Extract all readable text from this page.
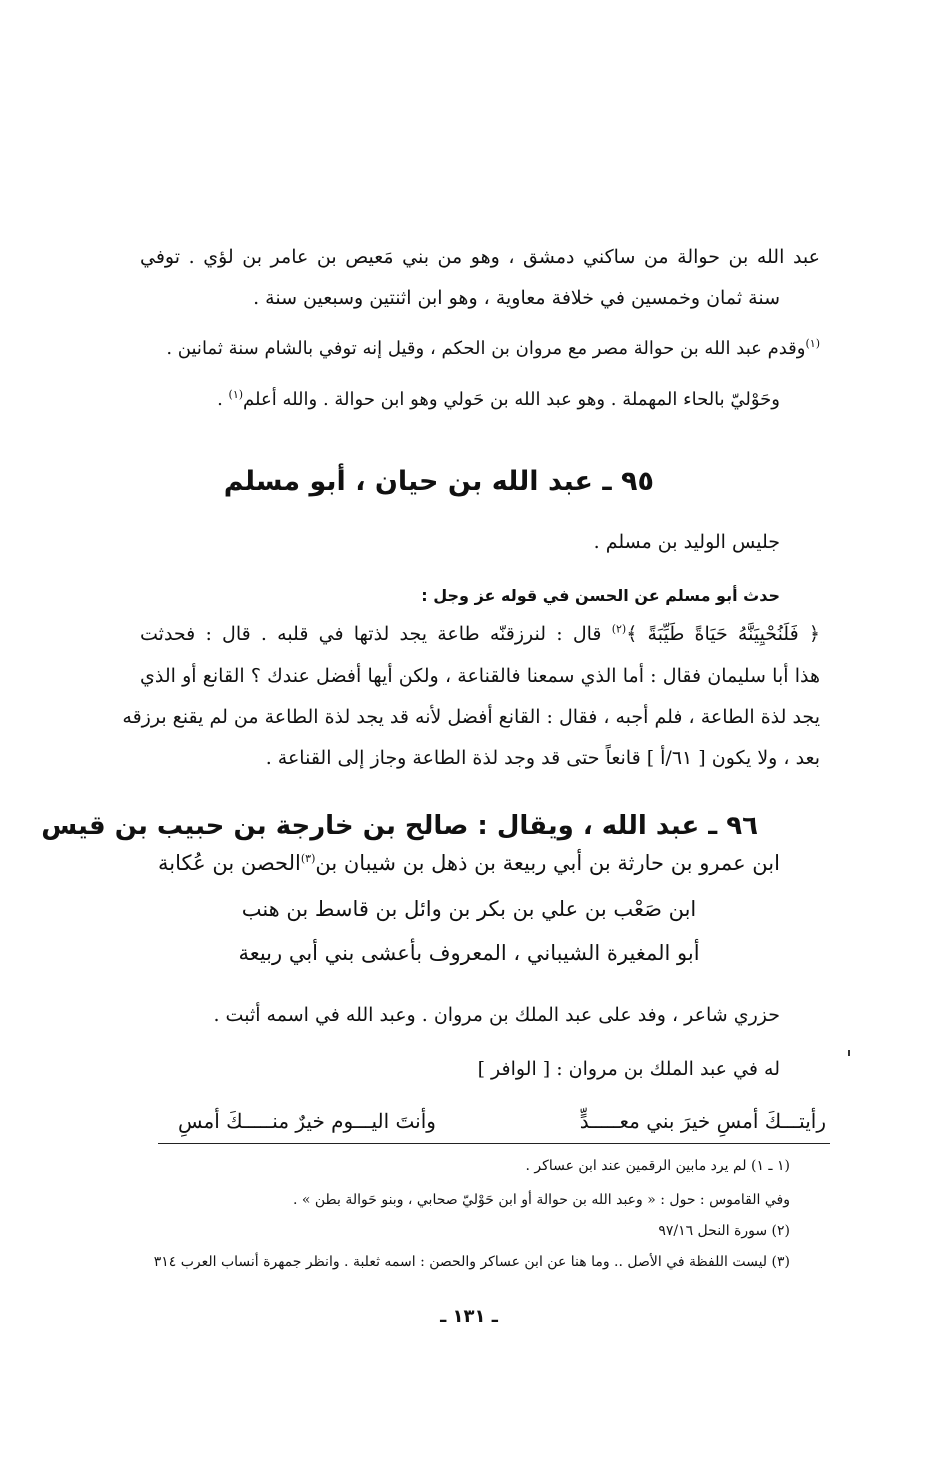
عبد الله بن حوالة من ساكني دمشق ، وهو من بني مَعيص بن عامر بن لؤي . توفي
سنة ثمان وخمسين في خلافة معاوية ، وهو ابن اثنتين وسبعين سنة .
$^{(١)}$وقدم عبد الله بن حوالة مصر مع مروان بن الحكم ، وقيل إنه توفي بالشام سنة ثمانين .
وحَوْليّ بالحاء المهملة . وهو عبد الله بن حَولي وهو ابن حوالة . والله أعلم$^{(١)}$ .
٩٥ ـ عبد الله بن حيان ، أبو مسلم
جليس الوليد بن مسلم .
حدث أبو مسلم عن الحسن في قوله عز وجل :
﴿ فَلَنُحْيِيَنَّهُ حَيَاةً طَيِّبَةً ﴾$^{(٢)}$ قال : لنرزقنّه طاعة يجد لذتها في قلبه . قال : فحدثت
هذا أبا سليمان فقال : أما الذي سمعنا فالقناعة ، ولكن أيها أفضل عندك ؟ القانع أو الذي
يجد لذة الطاعة ، فلم أجبه ، فقال : القانع أفضل لأنه قد يجد لذة الطاعة من لم يقنع برزقه
بعد ، ولا يكون [ ٦١/أ ] قانعاً حتى قد وجد لذة الطاعة وجاز إلى القناعة .
٩٦ ـ عبد الله ، ويقال : صالح بن خارجة بن حبيب بن قيس
ابن عمرو بن حارثة بن أبي ربيعة بن ذهل بن شيبان بن$^{(٣)}$الحصن بن عُكابة
ابن صَعْب بن علي بن بكر بن وائل بن قاسط بن هنب
أبو المغيرة الشيباني ، المعروف بأعشى بني أبي ربيعة
حزري شاعر ، وفد على عبد الملك بن مروان . وعبد الله في اسمه أثبت .
له في عبد الملك بن مروان : [ الوافر ]
رأيتـــكَ أمسِ خيرَ بني معـــــدٍّ
وأنتَ اليـــوم خيرٌ منـــــكَ أمسِ
(١ ـ ١) لم يرد مابين الرقمين عند ابن عساكر .
وفي القاموس : حول : « وعبد الله بن حوالة أو ابن حَوْليّ صحابي ، وبنو حَوالة بطن » .
(٢) سورة النحل ٩٧/١٦
(٣) ليست اللفظة في الأصل .. وما هنا عن ابن عساكر والحصن : اسمه ثعلبة . وانظر جمهرة أنساب العرب ٣١٤
ـ ١٣١ ـ
